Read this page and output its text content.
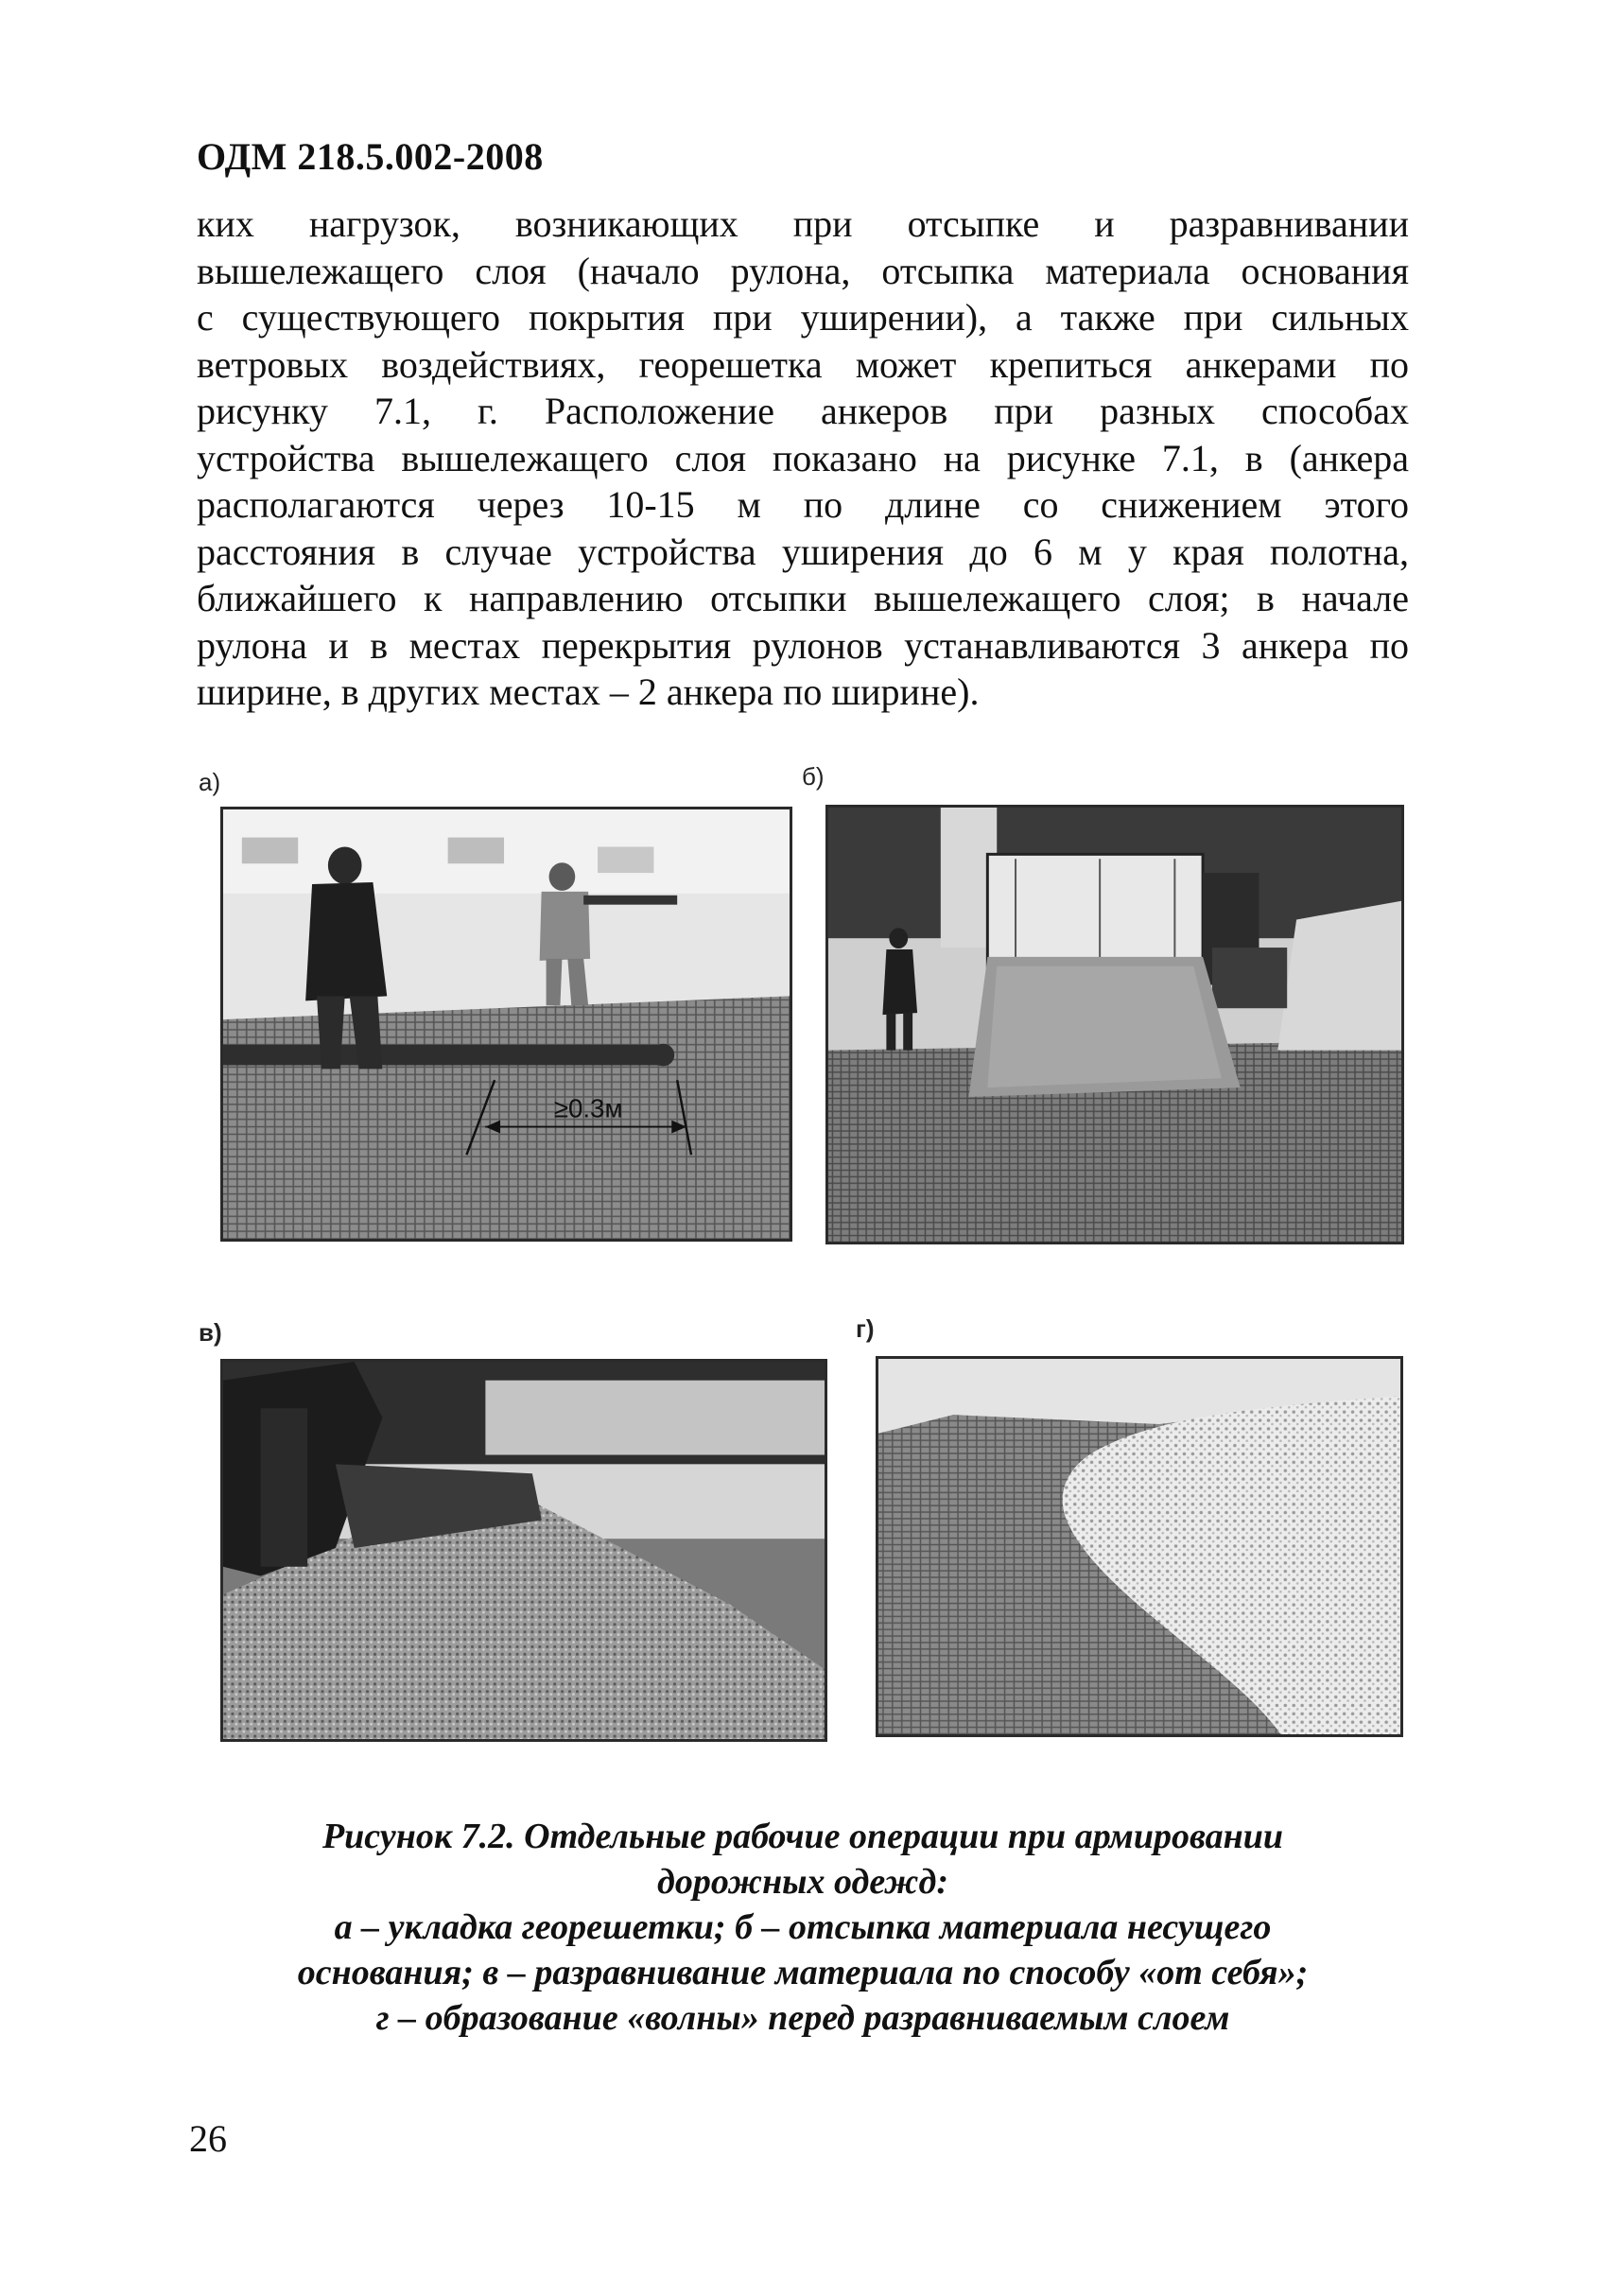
ОДМ 218.5.002-2008
ких нагрузок, возникающих при отсыпке и разравнивании
вышележащего слоя (начало рулона, отсыпка материала основания
с существующего покрытия при уширении), а также при сильных
ветровых воздействиях, георешетка может крепиться анкерами по
рисунку 7.1, г. Расположение анкеров при разных способах
устройства вышележащего слоя показано на рисунке 7.1, в (анкера
располагаются через 10-15 м по длине со снижением этого
расстояния в случае устройства уширения до 6 м у края полотна,
ближайшего к направлению отсыпки вышележащего слоя; в начале
рулона и в местах перекрытия рулонов устанавливаются 3 анкера по
ширине, в других местах – 2 анкера по ширине).
а)	б)
в)	г)
≥0.3м
Рисунок 7.2. Отдельные рабочие операции при армировании
дорожных одежд:
а – укладка георешетки; б – отсыпка материала несущего
основания; в – разравнивание материала по способу «от себя»;
г – образование «волны» перед разравниваемым слоем
26
